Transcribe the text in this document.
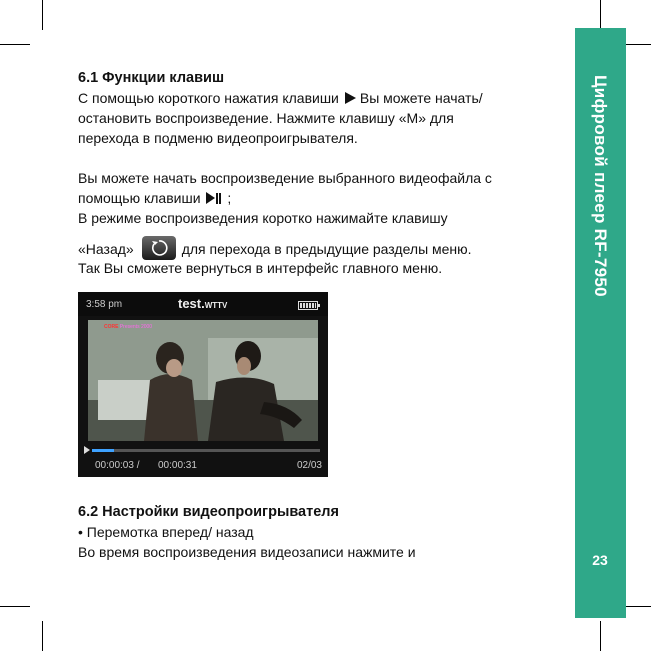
Цифровой плеер RF-7950
23
6.1 Функции клавиш
С помощью короткого нажатия клавиши Вы можете начать/
остановить воспроизведение. Нажмите клавишу «М» для
перехода в подменю видеопроигрывателя.
Вы можете начать воспроизведение выбранного видеофайла с
помощью клавиши ;
В режиме воспроизведения коротко нажимайте клавишу
«Назад»	для перехода в предыдущие разделы меню.
Так Вы сможете вернуться в интерфейс главного меню.
3:58 pm	test.WTTV
CORE Presents 2000
00:00:03 / 00:00:31	02/03
6.2 Настройки видеопроигрывателя
• Перемотка вперед/ назад
Во время воспроизведения видеозаписи нажмите и
